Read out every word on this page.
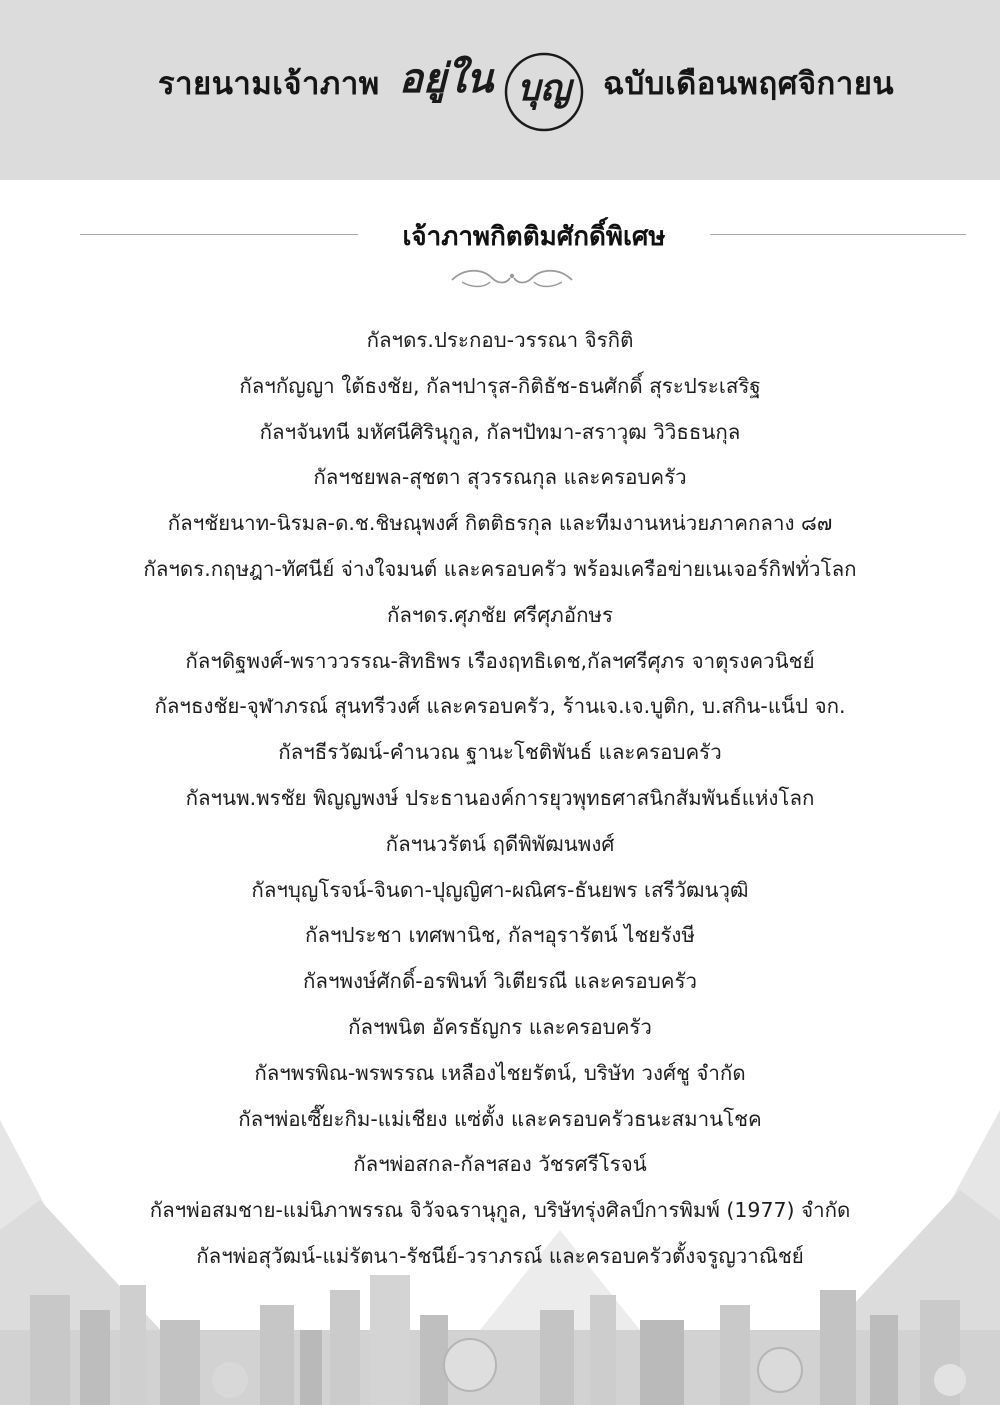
รายนามเจ้าภาพ อยู่ใน บุญ ฉบับเดือนพฤศจิกายน
เจ้าภาพกิตติมศักดิ์พิเศษ
กัลฯดร.ประกอบ-วรรณา จิรกิติ
กัลฯกัญญา ใต้ธงชัย, กัลฯปารุส-กิติธัช-ธนศักดิ์ สุระประเสริฐ
กัลฯจันทนี มหัศนีศิรินุกูล, กัลฯปัทมา-สราวุฒ วิวิธธนกุล
กัลฯชยพล-สุชตา สุวรรณกุล และครอบครัว
กัลฯชัยนาท-นิรมล-ด.ช.ชิษณุพงศ์ กิตติธรกุล และทีมงานหน่วยภาคกลาง ๘๗
กัลฯดร.กฤษฎา-ทัศนีย์ จ่างใจมนต์ และครอบครัว พร้อมเครือข่ายเนเจอร์กิฟทั่วโลก
กัลฯดร.ศุภชัย ศรีศุภอักษร
กัลฯดิฐพงศ์-พราววรรณ-สิทธิพร เรืองฤทธิเดช,กัลฯศรีศุภร จาตุรงควนิชย์
กัลฯธงชัย-จุฬาภรณ์ สุนทรีวงศ์ และครอบครัว, ร้านเจ.เจ.บูติก, บ.สกิน-แน็ป จก.
กัลฯธีรวัฒน์-คำนวณ ฐานะโชติพันธ์ และครอบครัว
กัลฯนพ.พรชัย พิญญพงษ์ ประธานองค์การยุวพุทธศาสนิกสัมพันธ์แห่งโลก
กัลฯนวรัตน์ ฤดีพิพัฒนพงศ์
กัลฯบุญโรจน์-จินดา-ปุญญิศา-ผณิศร-ธันยพร เสรีวัฒนวุฒิ
กัลฯประชา เทศพานิช, กัลฯอุรารัตน์ ไชยรังษี
กัลฯพงษ์ศักดิ์-อรพินท์ วิเตียรณี และครอบครัว
กัลฯพนิต อัครธัญกร และครอบครัว
กัลฯพรพิณ-พรพรรณ เหลืองไชยรัตน์, บริษัท วงศ์ชู จำกัด
กัลฯพ่อเซี๊ยะกิม-แม่เชียง แซ่ตั้ง และครอบครัวธนะสมานโชค
กัลฯพ่อสกล-กัลฯสอง วัชรศรีโรจน์
กัลฯพ่อสมชาย-แม่นิภาพรรณ จิวัจฉรานุกูล, บริษัทรุ่งศิลป์การพิมพ์ (1977) จำกัด
กัลฯพ่อสุวัฒน์-แม่รัตนา-รัชนีย์-วราภรณ์ และครอบครัวตั้งจรูญวาณิชย์
